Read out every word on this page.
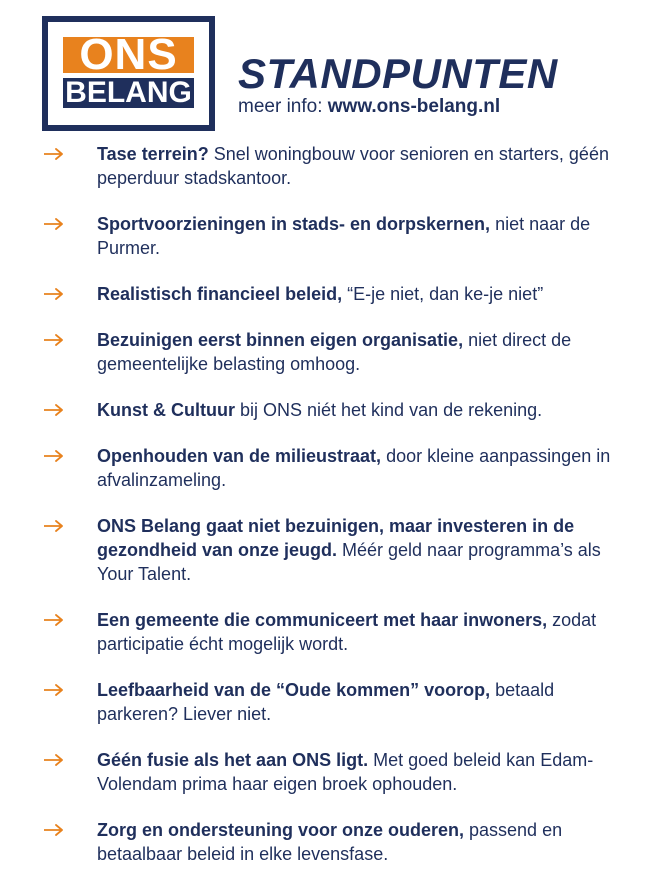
ONS
BELANG STANDPUNTEN
meer info: www.ons-belang.nl
Tase terrein? Snel woningbouw voor senioren en starters, géén peperduur stadskantoor.
Sportvoorzieningen in stads- en dorpskernen, niet naar de Purmer.
Realistisch financieel beleid, “E-je niet, dan ke-je niet”
Bezuinigen eerst binnen eigen organisatie, niet direct de gemeentelijke belasting omhoog.
Kunst & Cultuur bij ONS niét het kind van de rekening.
Openhouden van de milieustraat, door kleine aanpassingen in afvalinzameling.
ONS Belang gaat niet bezuinigen, maar investeren in de gezondheid van onze jeugd. Méér geld naar programma’s als Your Talent.
Een gemeente die communiceert met haar inwoners, zodat participatie écht mogelijk wordt.
Leefbaarheid van de “Oude kommen” voorop, betaald parkeren? Liever niet.
Géén fusie als het aan ONS ligt. Met goed beleid kan Edam-Volendam prima haar eigen broek ophouden.
Zorg en ondersteuning voor onze ouderen, passend en betaalbaar beleid in elke levensfase.
